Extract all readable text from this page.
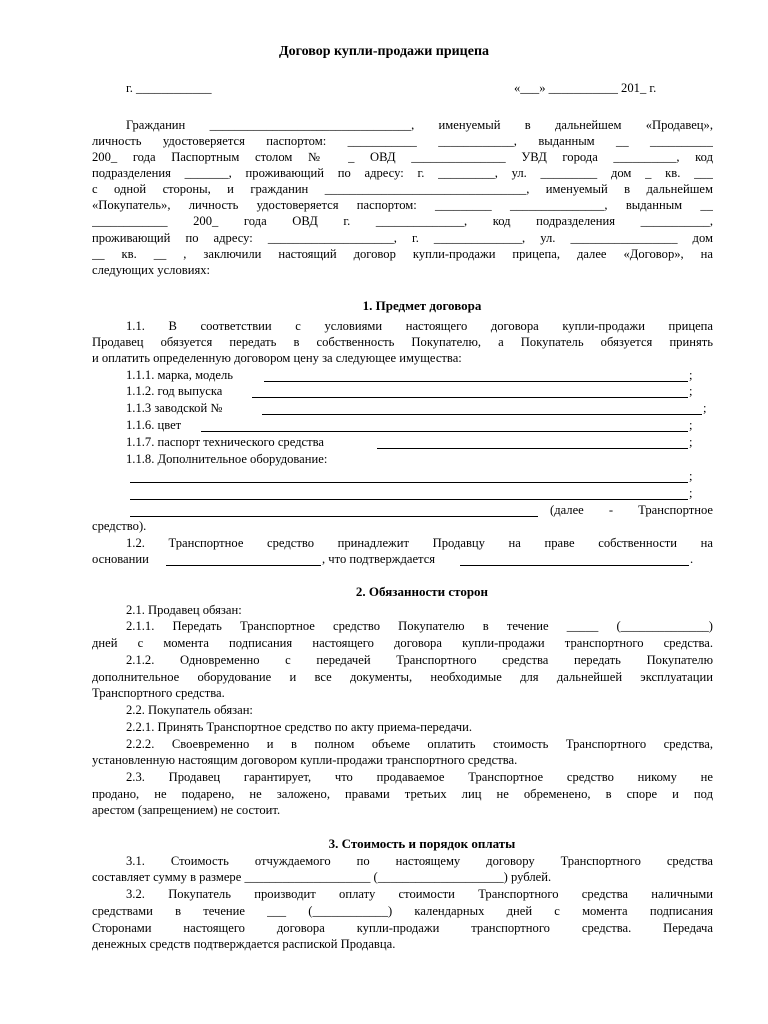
Договор купли-продажи прицепа

г. ____________	«___» ___________ 201_ г.

Гражданин ________________________________, именуемый в дальнейшем «Продавец»,

личность удостоверяется паспортом: ___________ ____________, выданным __ __________

200_ года Паспортным столом № _ ОВД _______________ УВД города __________, код

подразделения _______, проживающий по адресу: г. _________, ул. _________ дом _ кв. ___

с одной стороны, и гражданин ________________________________, именуемый в дальнейшем

«Покупатель», личность удостоверяется паспортом: _________ _______________, выданным __

____________ 200_ года ОВД г. ______________, код подразделения ___________,

проживающий по адресу: ____________________, г. ______________, ул. _________________ дом

__ кв. __ , заключили настоящий договор купли-продажи прицепа, далее «Договор», на

следующих условиях:

1. Предмет договора

1.1. В соответствии с условиями настоящего договора купли-продажи прицепа

Продавец обязуется передать в собственность Покупателю, а Покупатель обязуется принять

и оплатить определенную договором цену за следующее имущества:

1.1.1. марка, модель	;
1.1.2. год выпуска	;
1.1.3 заводской №	;
1.1.6. цвет	;
1.1.7. паспорт технического средства	;
1.1.8. Дополнительное оборудование:
;
;
(далее - Транспортное

средство).

1.2. Транспортное средство принадлежит Продавцу на праве собственности на

основании	, что подтверждается	.

2. Обязанности сторон

2.1. Продавец обязан:

2.1.1. Передать Транспортное средство Покупателю в течение _____ (______________)

дней с момента подписания настоящего договора купли-продажи транспортного средства.

2.1.2. Одновременно с передачей Транспортного средства передать Покупателю

дополнительное оборудование и все документы, необходимые для дальнейшей эксплуатации

Транспортного средства.

2.2. Покупатель обязан:

2.2.1. Принять Транспортное средство по акту приема-передачи.

2.2.2. Своевременно и в полном объеме оплатить стоимость Транспортного средства,

установленную настоящим договором купли-продажи транспортного средства.

2.3. Продавец гарантирует, что продаваемое Транспортное средство никому не

продано, не подарено, не заложено, правами третьих лиц не обременено, в споре и под

арестом (запрещением) не состоит.

3. Стоимость и порядок оплаты

3.1. Стоимость отчуждаемого по настоящему договору Транспортного средства

составляет сумму в размере ____________________ (____________________) рублей.

3.2. Покупатель производит оплату стоимости Транспортного средства наличными

средствами в течение ___ (____________) календарных дней с момента подписания

Сторонами настоящего договора купли-продажи транспортного средства. Передача

денежных средств подтверждается распиской Продавца.
